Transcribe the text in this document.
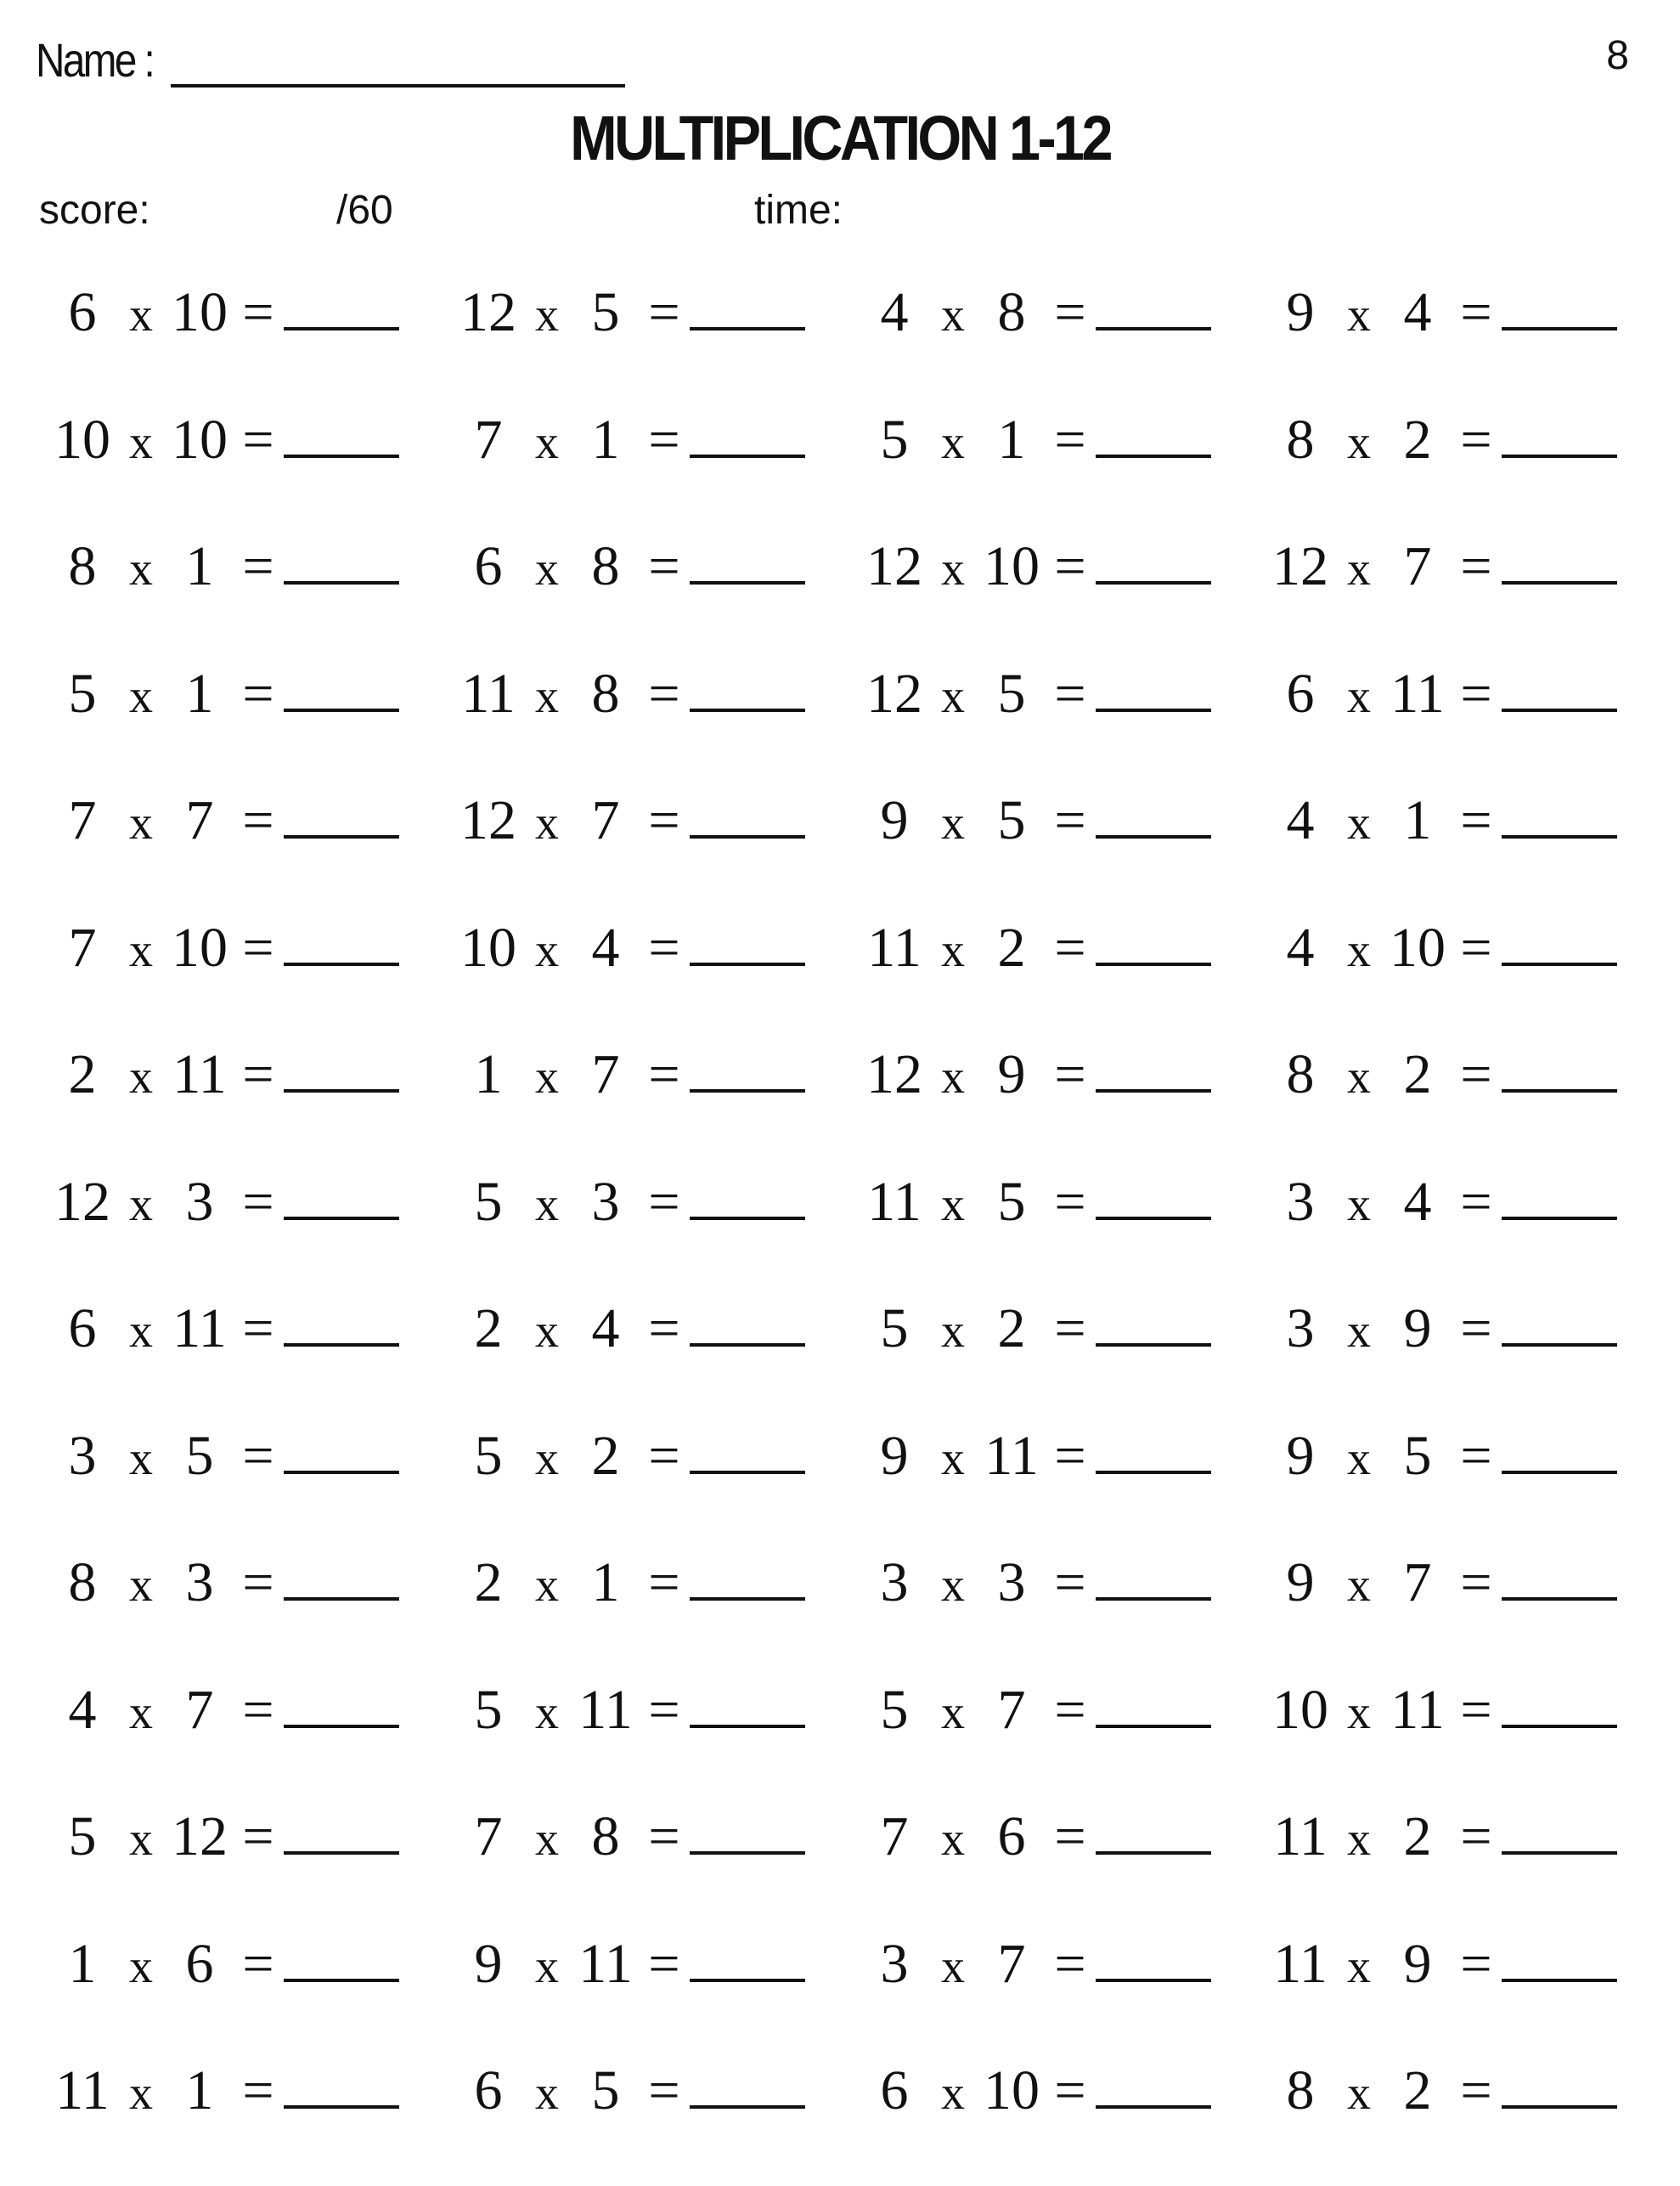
Name :	8
MULTIPLICATION 1-12
score:	/60	time:
6 x 10 =	12 x 5 =	4 x 8 =	9 x 4 =
10 x 10 =	7 x 1 =	5 x 1 =	8 x 2 =
8 x 1 =	6 x 8 =	12 x 10 =	12 x 7 =
5 x 1 =	11 x 8 =	12 x 5 =	6 x 11 =
7 x 7 =	12 x 7 =	9 x 5 =	4 x 1 =
7 x 10 =	10 x 4 =	11 x 2 =	4 x 10 =
2 x 11 =	1 x 7 =	12 x 9 =	8 x 2 =
12 x 3 =	5 x 3 =	11 x 5 =	3 x 4 =
6 x 11 =	2 x 4 =	5 x 2 =	3 x 9 =
3 x 5 =	5 x 2 =	9 x 11 =	9 x 5 =
8 x 3 =	2 x 1 =	3 x 3 =	9 x 7 =
4 x 7 =	5 x 11 =	5 x 7 =	10 x 11 =
5 x 12 =	7 x 8 =	7 x 6 =	11 x 2 =
1 x 6 =	9 x 11 =	3 x 7 =	11 x 9 =
11 x 1 =	6 x 5 =	6 x 10 =	8 x 2 =
